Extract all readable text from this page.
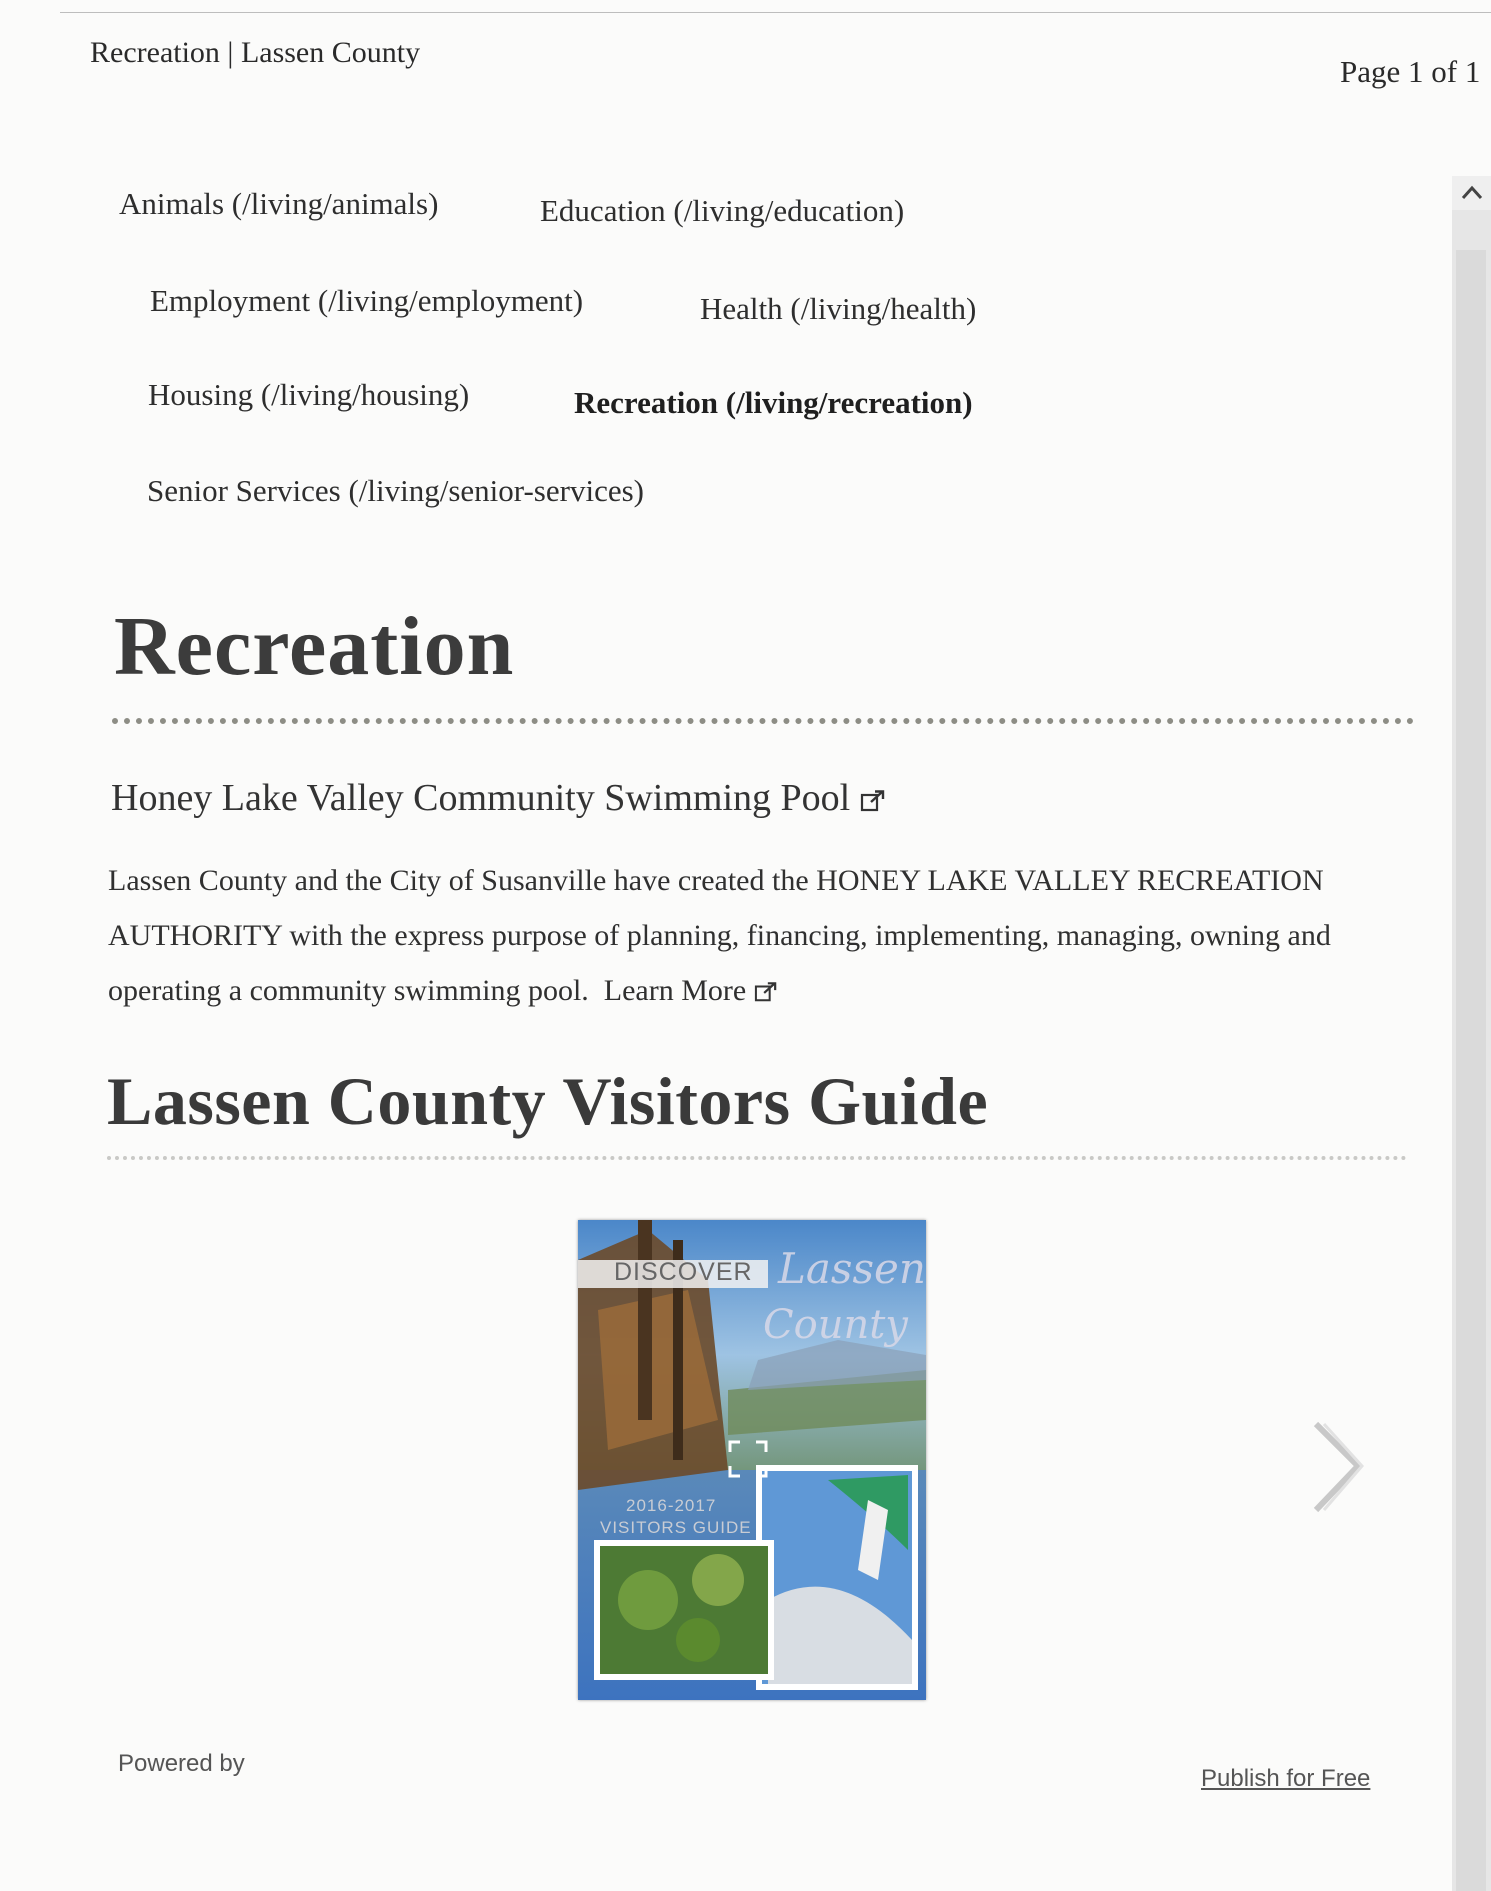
Recreation | Lassen County
Page 1 of 1
Animals (/living/animals)	Education (/living/education)
Employment (/living/employment)	Health (/living/health)
Housing (/living/housing)	Recreation (/living/recreation)
Senior Services (/living/senior-services)
Recreation
Honey Lake Valley Community Swimming Pool

Lassen County and the City of Susanville have created the HONEY LAKE VALLEY RECREATION AUTHORITY with the express purpose of planning, financing, implementing, managing, owning and operating a community swimming pool. Learn More

Lassen County Visitors Guide
DISCOVER Lassen
County
2016-2017
VISITORS GUIDE
Powered by
Publish for Free
